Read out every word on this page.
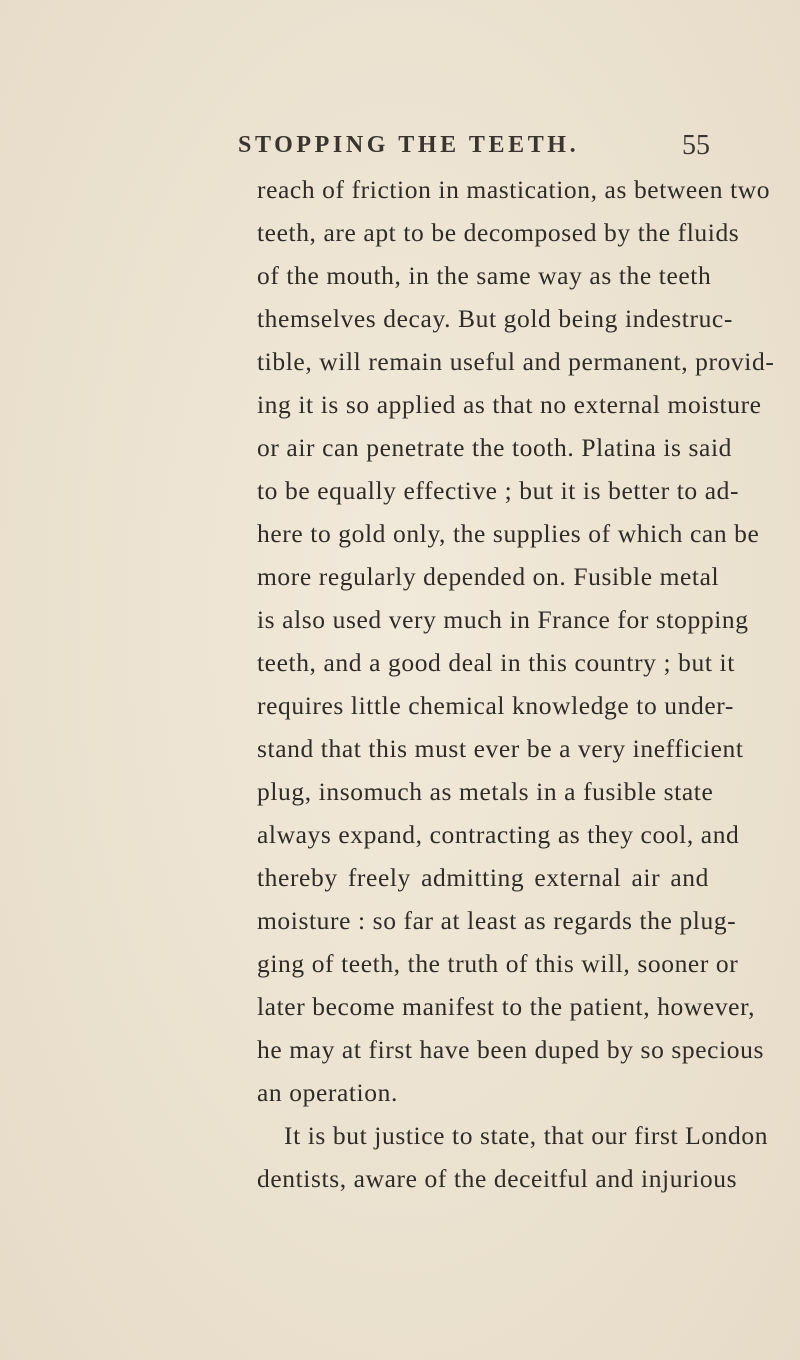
STOPPING THE TEETH.	55
reach of friction in mastication, as between two
teeth, are apt to be decomposed by the fluids
of the mouth, in the same way as the teeth
themselves decay. But gold being indestruc-
tible, will remain useful and permanent, provid-
ing it is so applied as that no external moisture
or air can penetrate the tooth. Platina is said
to be equally effective ; but it is better to ad-
here to gold only, the supplies of which can be
more regularly depended on. Fusible metal
is also used very much in France for stopping
teeth, and a good deal in this country ; but it
requires little chemical knowledge to under-
stand that this must ever be a very inefficient
plug, insomuch as metals in a fusible state
always expand, contracting as they cool, and
thereby freely admitting external air and
moisture : so far at least as regards the plug-
ging of teeth, the truth of this will, sooner or
later become manifest to the patient, however,
he may at first have been duped by so specious
an operation.
It is but justice to state, that our first London
dentists, aware of the deceitful and injurious
